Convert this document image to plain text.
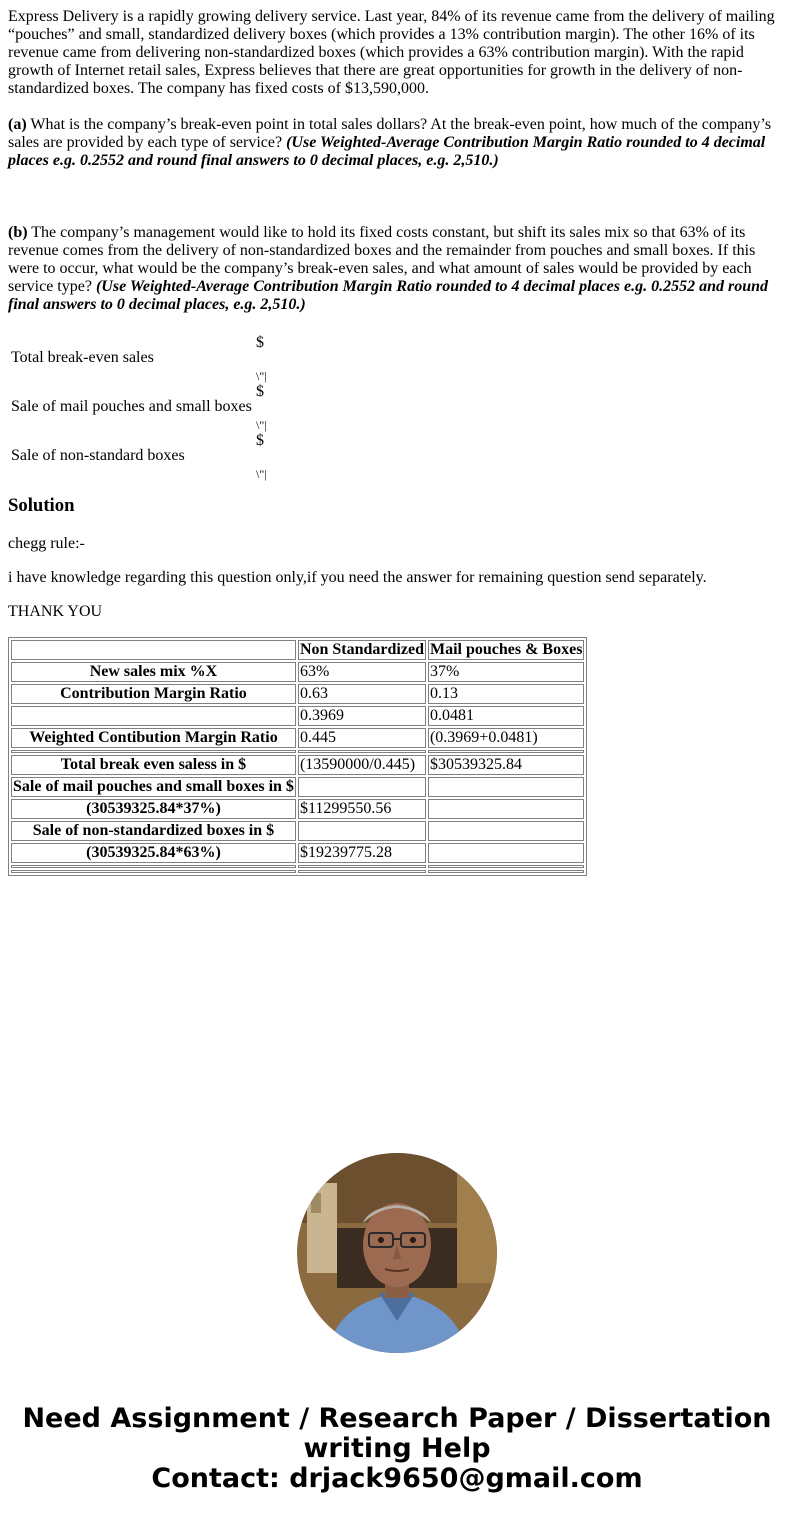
Express Delivery is a rapidly growing delivery service. Last year, 84% of its revenue came from the delivery of mailing “pouches” and small, standardized delivery boxes (which provides a 13% contribution margin). The other 16% of its revenue came from delivering non-standardized boxes (which provides a 63% contribution margin). With the rapid growth of Internet retail sales, Express believes that there are great opportunities for growth in the delivery of non-standardized boxes. The company has fixed costs of $13,590,000.

(a) What is the company’s break-even point in total sales dollars? At the break-even point, how much of the company’s sales are provided by each type of service? (Use Weighted-Average Contribution Margin Ratio rounded to 4 decimal places e.g. 0.2552 and round final answers to 0 decimal places, e.g. 2,510.)

(b) The company’s management would like to hold its fixed costs constant, but shift its sales mix so that 63% of its revenue comes from the delivery of non-standardized boxes and the remainder from pouches and small boxes. If this were to occur, what would be the company’s break-even sales, and what amount of sales would be provided by each service type? (Use Weighted-Average Contribution Margin Ratio rounded to 4 decimal places e.g. 0.2552 and round final answers to 0 decimal places, e.g. 2,510.)

Total break-even sales	$
\"|

Sale of mail pouches and small boxes	$
\"|

Sale of non-standard boxes	$
\"|
Solution

chegg rule:-

i have knowledge regarding this question only,if you need the answer for remaining question send separately.

THANK YOU

	Non Standardized	Mail pouches & Boxes
New sales mix %X	63%	37%
Contribution Margin Ratio	0.63	0.13
	0.3969	0.0481
Weighted Contibution Margin Ratio	0.445	(0.3969+0.0481)

Total break even saless in $	(13590000/0.445)	$30539325.84
Sale of mail pouches and small boxes in $		
(30539325.84*37%)	$11299550.56	
Sale of non-standardized boxes in $		
(30539325.84*63%)	$19239775.28	

Need Assignment / Research Paper / Dissertation
writing Help
Contact: drjack9650@gmail.com
